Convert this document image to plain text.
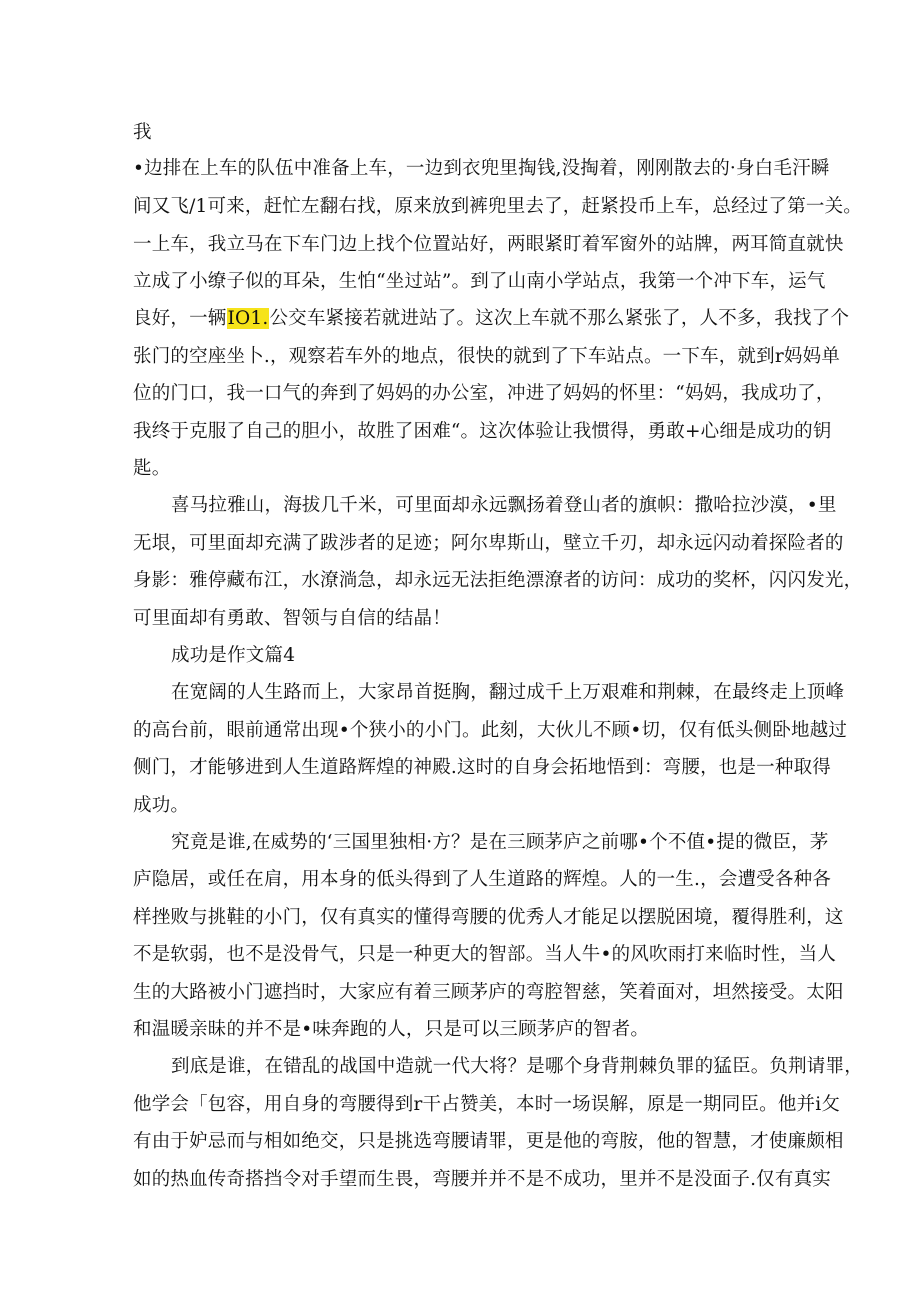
我
•边排在上车的队伍中准备上车，一边到衣兜里掏钱,没掏着，刚刚散去的·身白毛汗瞬
间又飞/1可来，赶忙左翻右找，原来放到裤兜里去了，赶紧投币上车，总经过了第一关。
一上车，我立马在下车门边上找个位置站好，两眼紧盯着军窗外的站牌，两耳简直就快
立成了小缭子似的耳朵，生怕“坐过站”。到了山南小学站点，我第一个冲下车，运气
良好，一辆IO1.公交车紧接若就进站了。这次上车就不那么紧张了，人不多，我找了个
张门的空座坐卜.，观察若车外的地点，很快的就到了下车站点。一下车，就到r妈妈单
位的门口，我一口气的奔到了妈妈的办公室，冲进了妈妈的怀里：“妈妈，我成功了，
我终于克服了自己的胆小，故胜了困难“。这次体验让我惯得，勇敢+心细是成功的钥
匙。
喜马拉雅山，海拔几千米，可里面却永远飘扬着登山者的旗帜：撒哈拉沙漠，•里
无垠，可里面却充满了跋涉者的足迹；阿尔卑斯山，壁立千刃，却永远闪动着探险者的
身影：雅停藏布江，水潦淌急，却永远无法拒绝漂潦者的访问：成功的奖杯，闪闪发光，
可里面却有勇敢、智领与自信的结晶！
成功是作文篇4
在宽阔的人生路而上，大家昂首挺胸，翻过成千上万艰难和荆棘，在最终走上顶峰
的高台前，眼前通常出现•个狭小的小门。此刻，大伙儿不顾•切，仅有低头侧卧地越过
侧门，才能够进到人生道路辉煌的神殿.这时的自身会拓地悟到：弯腰，也是一种取得
成功。
究竟是谁,在威势的‘三国里独相·方？是在三顾茅庐之前哪•个不值•提的微臣，茅
庐隐居，或任在肩，用本身的低头得到了人生道路的辉煌。人的一生.，会遭受各种各
样挫败与挑鞋的小门，仅有真实的懂得弯腰的优秀人才能足以摆脱困境，覆得胜利，这
不是软弱，也不是没骨气，只是一种更大的智部。当人牛•的风吹雨打来临时性，当人
生的大路被小门遮挡时，大家应有着三顾茅庐的弯腔智慈，笑着面对，坦然接受。太阳
和温暖亲昧的并不是•味奔跑的人，只是可以三顾茅庐的智者。
到底是谁，在错乱的战国中造就一代大将？是哪个身背荆棘负罪的猛臣。负荆请罪，
他学会「包容，用自身的弯腰得到r干占赞美，本时一场误解，原是一期同臣。他并i攵
有由于妒忌而与相如绝交，只是挑选弯腰请罪，更是他的弯胺，他的智慧，才使廉颇相
如的热血传奇搭挡令对手望而生畏，弯腰并并不是不成功，里并不是没面子.仅有真实
